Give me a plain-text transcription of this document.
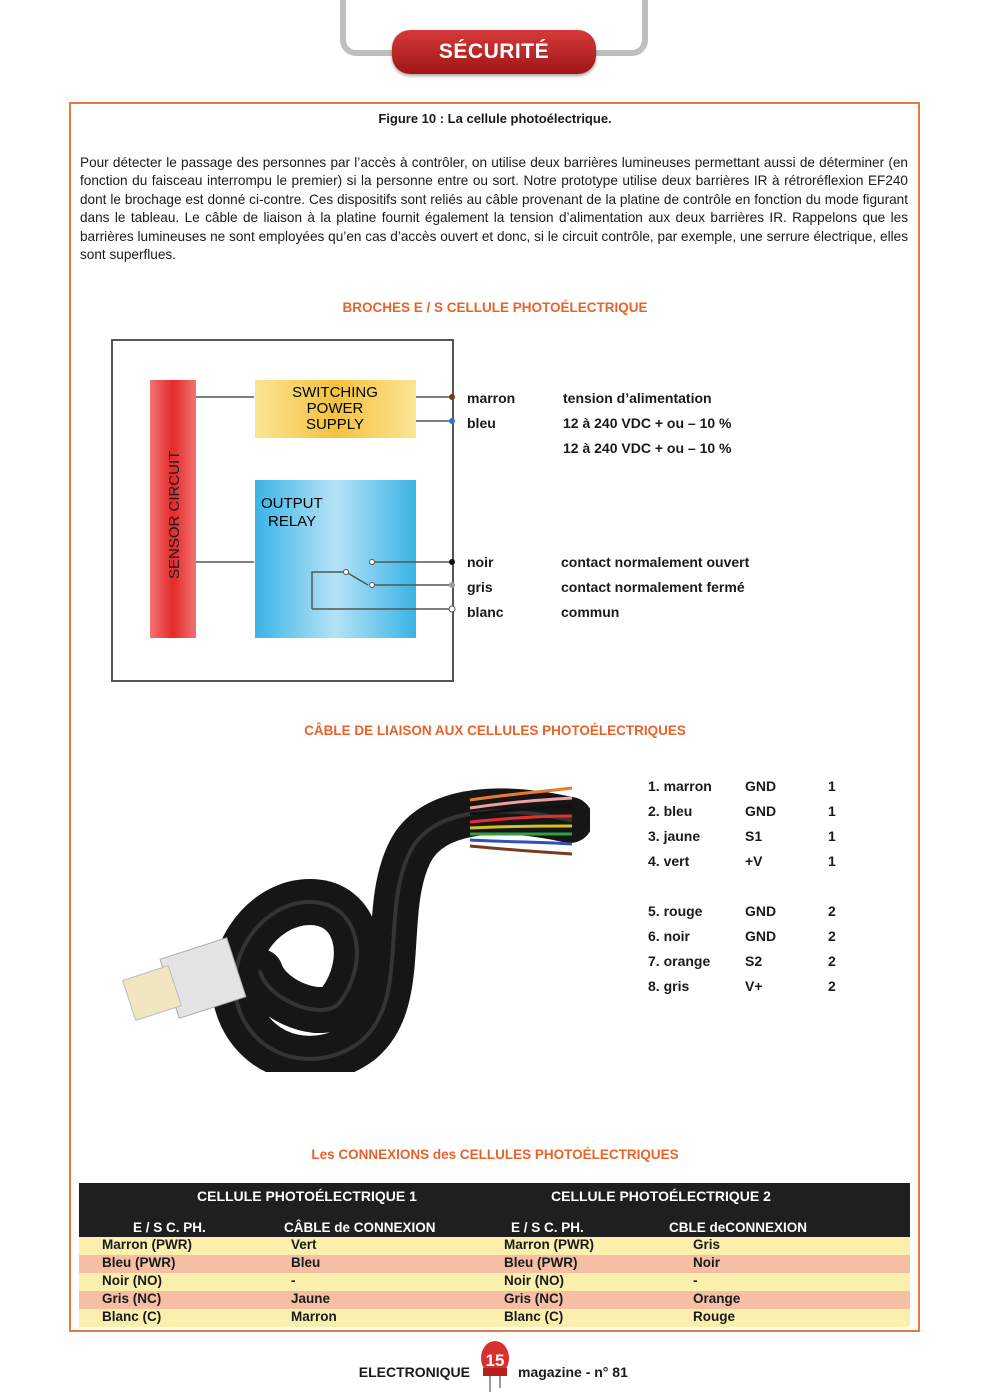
SÉCURITÉ
Figure 10 : La cellule photoélectrique.
Pour détecter le passage des personnes par l’accès à contrôler, on utilise deux barrières lumineuses permettant aussi de déterminer (en fonction du faisceau interrompu le premier) si la personne entre ou sort. Notre prototype utilise deux barrières IR à rétroréflexion EF240 dont le brochage est donné ci-contre. Ces dispositifs sont reliés au câble provenant de la platine de contrôle en fonction du mode figurant dans le tableau. Le câble de liaison à la platine fournit également la tension d’alimentation aux deux barrières IR. Rappelons que les barrières lumineuses ne sont employées qu’en cas d’accès ouvert et donc, si le circuit contrôle, par exemple, une serrure électrique, elles sont superflues.
BROCHES E / S CELLULE PHOTOÉLECTRIQUE
SENSOR CIRCUIT
SWITCHING
POWER
SUPPLY
OUTPUT
RELAY
marron	tension d’alimentation
bleu	12 à 240 VDC + ou – 10 %
12 à 240 VDC + ou – 10 %
noir	contact normalement ouvert
gris	contact normalement fermé
blanc	commun
CÂBLE DE LIAISON AUX CELLULES PHOTOÉLECTRIQUES
1. marron GND	1
2. bleu	GND	1
3. jaune	S1	1
4. vert	+V	1
5. rouge	GND	2
6. noir	GND	2
7. orange S2	2
8. gris	V+	2
Les CONNEXIONS des CELLULES PHOTOÉLECTRIQUES
CELLULE PHOTOÉLECTRIQUE 1	CELLULE PHOTOÉLECTRIQUE 2
E / S C. PH.	CÂBLE de CONNEXION	E / S C. PH.	CBLE deCONNEXION
Marron (PWR)	Vert	Marron (PWR)	Gris
Bleu (PWR)	Bleu	Bleu (PWR)	Noir
Noir (NO)	-	Noir (NO)	-
Gris (NC)	Jaune	Gris (NC)	Orange
Blanc (C)	Marron	Blanc (C)	Rouge
ELECTRONIQUE
15
magazine - n° 81
